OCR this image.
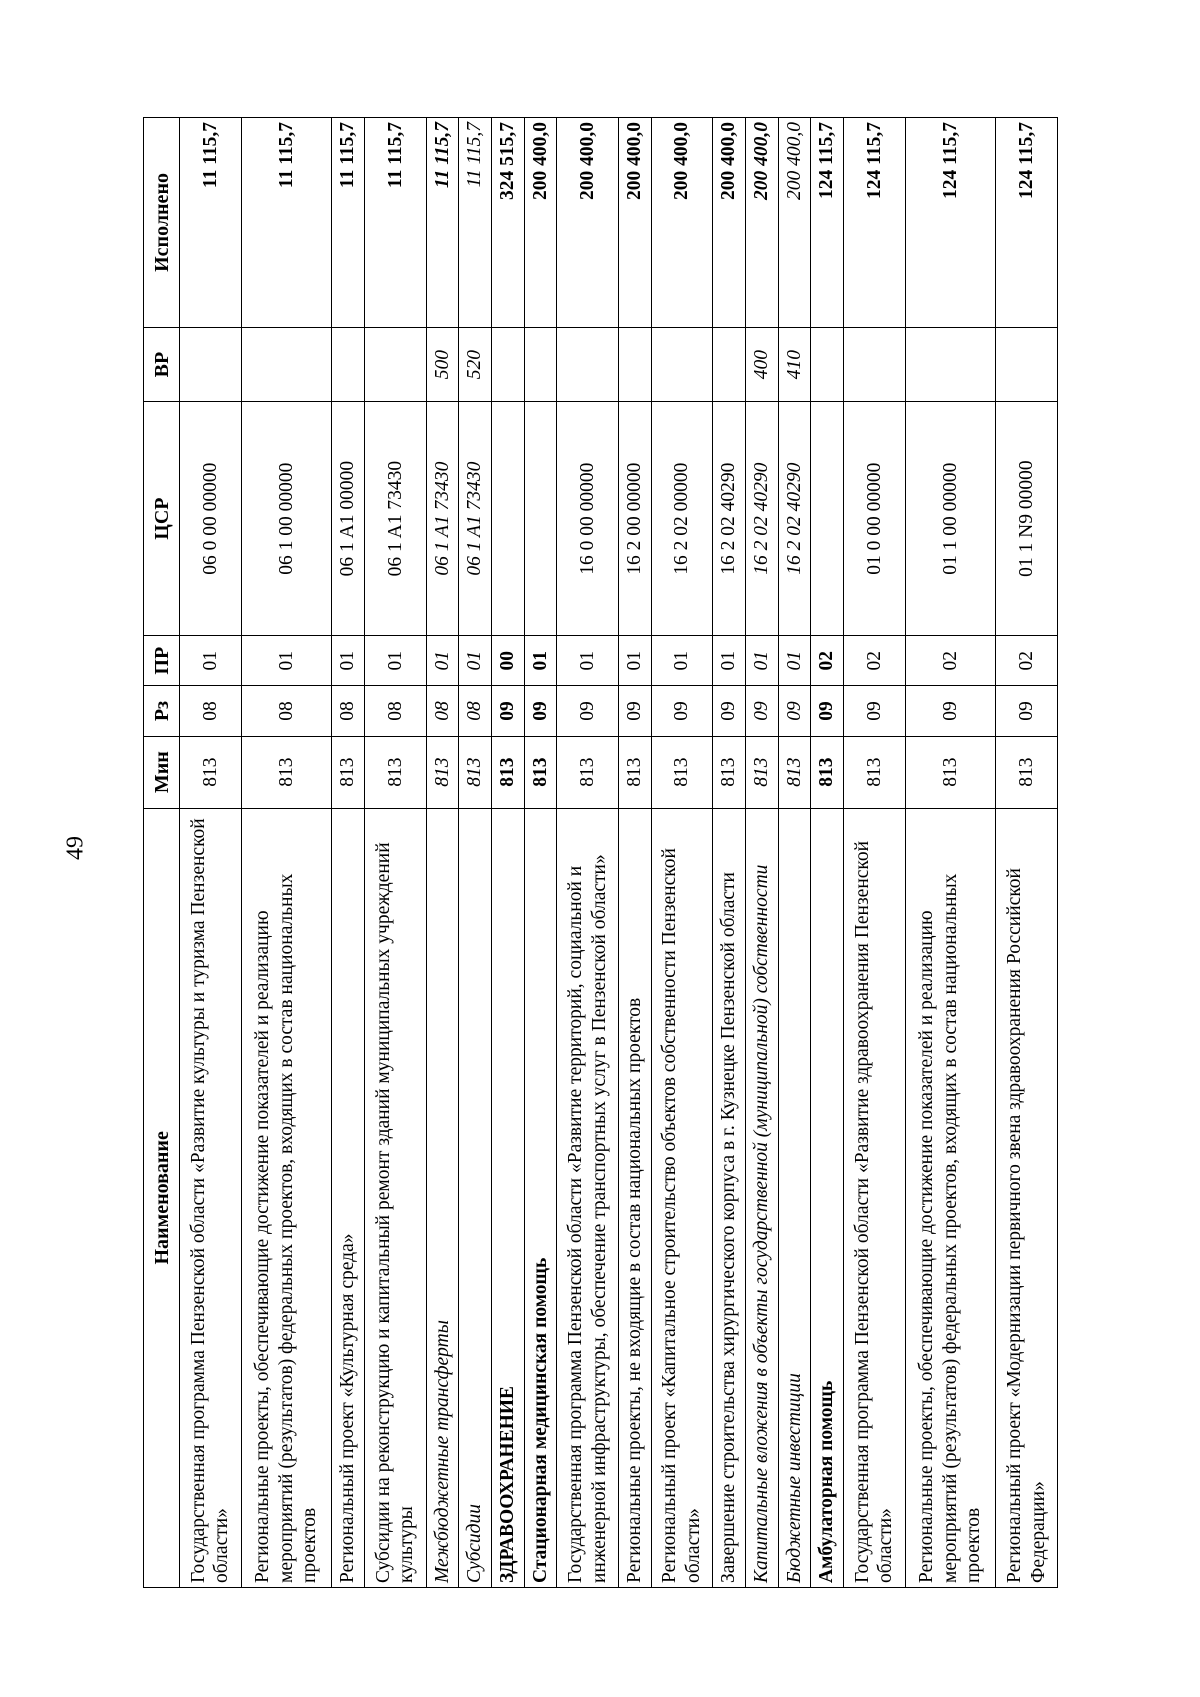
49
Наименование	Мин	Рз	ПР	ЦСР	ВР	Исполнено
Государственная программа Пензенской области «Развитие культуры и туризма Пензенской области»	813	08	01	06 0 00 00000		11 115,7
Региональные проекты, обеспечивающие достижение показателей и реализацию мероприятий (результатов) федеральных проектов, входящих в состав национальных проектов	813	08	01	06 1 00 00000		11 115,7
Региональный проект «Культурная среда»	813	08	01	06 1 A1 00000		11 115,7
Субсидии на реконструкцию и капитальный ремонт зданий муниципальных учреждений культуры	813	08	01	06 1 A1 73430		11 115,7
Межбюджетные трансферты	813	08	01	06 1 A1 73430	500	11 115,7
Субсидии	813	08	01	06 1 A1 73430	520	11 115,7
ЗДРАВООХРАНЕНИЕ	813	09	00			324 515,7
Стационарная медицинская помощь	813	09	01			200 400,0
Государственная программа Пензенской области «Развитие территорий, социальной и инженерной инфраструктуры, обеспечение транспортных услуг в Пензенской области»	813	09	01	16 0 00 00000		200 400,0
Региональные проекты, не входящие в состав национальных проектов	813	09	01	16 2 00 00000		200 400,0
Региональный проект «Капитальное строительство объектов собственности Пензенской области»	813	09	01	16 2 02 00000		200 400,0
Завершение строительства хирургического корпуса в г. Кузнецке Пензенской области	813	09	01	16 2 02 40290		200 400,0
Капитальные вложения в объекты государственной (муниципальной) собственности	813	09	01	16 2 02 40290	400	200 400,0
Бюджетные инвестиции	813	09	01	16 2 02 40290	410	200 400,0
Амбулаторная помощь	813	09	02			124 115,7
Государственная программа Пензенской области «Развитие здравоохранения Пензенской области»	813	09	02	01 0 00 00000		124 115,7
Региональные проекты, обеспечивающие достижение показателей и реализацию мероприятий (результатов) федеральных проектов, входящих в состав национальных проектов	813	09	02	01 1 00 00000		124 115,7
Региональный проект «Модернизации первичного звена здравоохранения Российской Федерации»	813	09	02	01 1 N9 00000		124 115,7
